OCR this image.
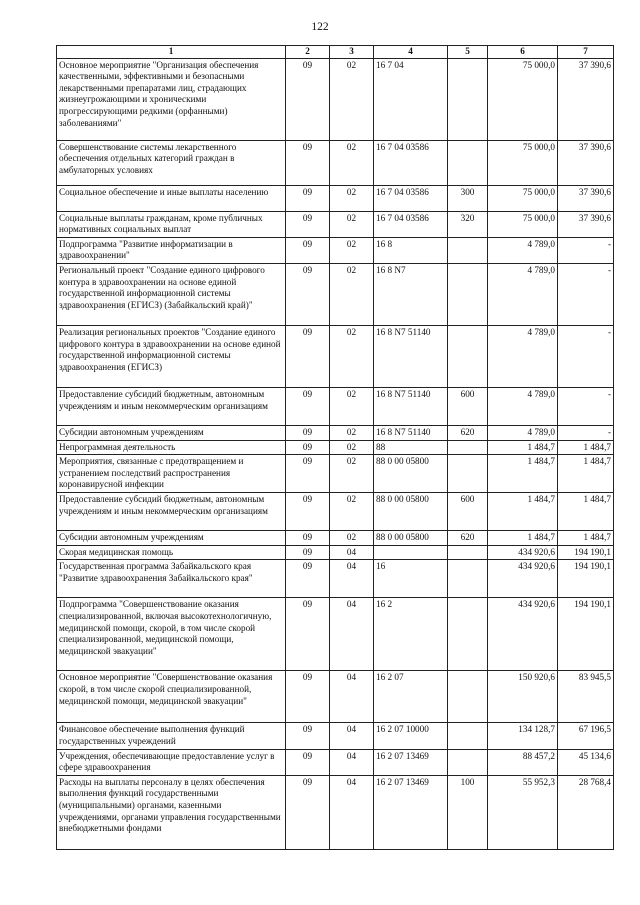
122
1	2	3	4	5	6	7
Основное мероприятие "Организация обеспечения качественными, эффективными и безопасными лекарственными препаратами лиц, страдающих жизнеугрожающими и хроническими прогрессирующими редкими (орфанными) заболеваниями"	09	02	16 7 04		75 000,0	37 390,6
Совершенствование системы лекарственного обеспечения отдельных категорий граждан в амбулаторных условиях	09	02	16 7 04 03586		75 000,0	37 390,6
Социальное обеспечение и иные выплаты населению	09	02	16 7 04 03586	300	75 000,0	37 390,6
Социальные выплаты гражданам, кроме публичных нормативных социальных выплат	09	02	16 7 04 03586	320	75 000,0	37 390,6
Подпрограмма "Развитие информатизации в здравоохранении"	09	02	16 8		4 789,0	-
Региональный проект "Создание единого цифрового контура в здравоохранении на основе единой государственной информационной системы здравоохранения (ЕГИСЗ) (Забайкальский край)"	09	02	16 8 N7		4 789,0	-
Реализация региональных проектов "Создание единого цифрового контура в здравоохранении на основе единой государственной информационной системы здравоохранения (ЕГИСЗ)	09	02	16 8 N7 51140		4 789,0	-
Предоставление субсидий бюджетным, автономным учреждениям и иным некоммерческим организациям	09	02	16 8 N7 51140	600	4 789,0	-
Субсидии автономным учреждениям	09	02	16 8 N7 51140	620	4 789,0	-
Непрограммная деятельность	09	02	88		1 484,7	1 484,7
Мероприятия, связанные с предотвращением и устранением последствий распространения коронавирусной инфекции	09	02	88 0 00 05800		1 484,7	1 484,7
Предоставление субсидий бюджетным, автономным учреждениям и иным некоммерческим организациям	09	02	88 0 00 05800	600	1 484,7	1 484,7
Субсидии автономным учреждениям	09	02	88 0 00 05800	620	1 484,7	1 484,7
Скорая медицинская помощь	09	04			434 920,6	194 190,1
Государственная программа Забайкальского края "Развитие здравоохранения Забайкальского края"	09	04	16		434 920,6	194 190,1
Подпрограмма "Совершенствование оказания специализированной, включая высокотехнологичную, медицинской помощи, скорой, в том числе скорой специализированной, медицинской помощи, медицинской эвакуации"	09	04	16 2		434 920,6	194 190,1
Основное мероприятие "Совершенствование оказания скорой, в том числе скорой специализированной, медицинской помощи, медицинской эвакуации"	09	04	16 2 07		150 920,6	83 945,5
Финансовое обеспечение выполнения функций государственных учреждений	09	04	16 2 07 10000		134 128,7	67 196,5
Учреждения, обеспечивающие предоставление услуг в сфере здравоохранения	09	04	16 2 07 13469		88 457,2	45 134,6
Расходы на выплаты персоналу в целях обеспечения выполнения функций государственными (муниципальными) органами, казенными учреждениями, органами управления государственными внебюджетными фондами	09	04	16 2 07 13469	100	55 952,3	28 768,4
